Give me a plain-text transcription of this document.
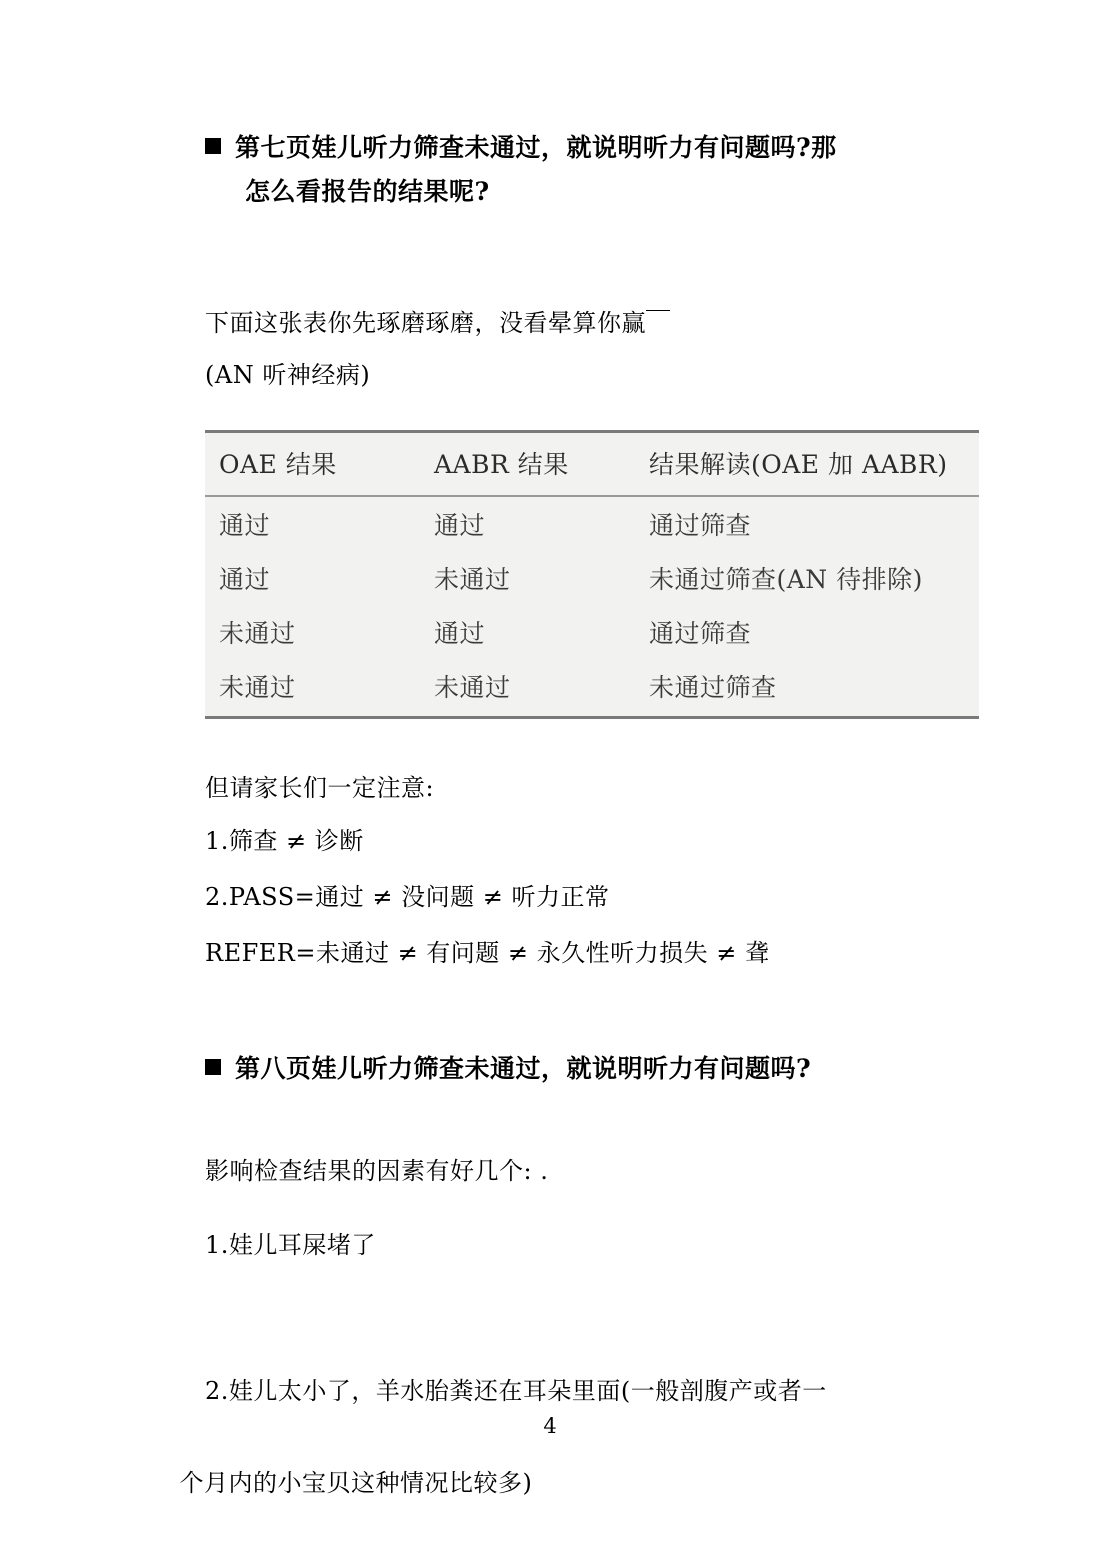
第七页娃儿听力筛查未通过，就说明听力有问题吗?那
怎么看报告的结果呢?
下面这张表你先琢磨琢磨，没看晕算你赢￣
(AN 听神经病)
OAE 结果	AABR 结果	结果解读(OAE 加 AABR)
通过	通过	通过筛查
通过	未通过	未通过筛查(AN 待排除)
未通过	通过	通过筛查
未通过	未通过	未通过筛查
但请家长们一定注意:
1.筛查 ≠ 诊断
2.PASS=通过 ≠ 没问题 ≠ 听力正常
REFER=未通过 ≠ 有问题 ≠ 永久性听力损失 ≠ 聋
第八页娃儿听力筛查未通过，就说明听力有问题吗?
影响检查结果的因素有好几个: .
1.娃儿耳屎堵了

2.娃儿太小了，羊水胎粪还在耳朵里面(一般剖腹产或者一

个月内的小宝贝这种情况比较多)

4
